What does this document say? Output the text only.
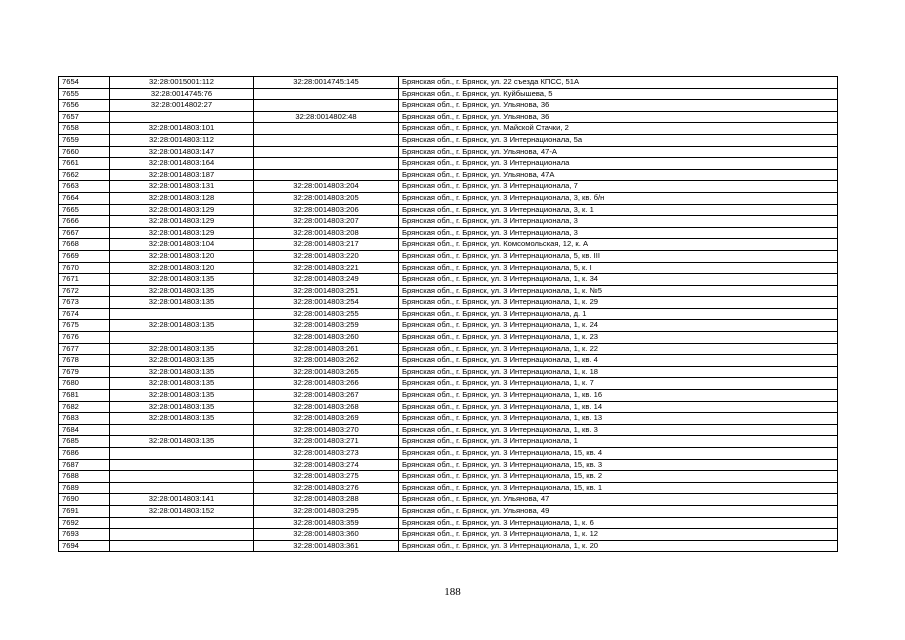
7654	32:28:0015001:112	32:28:0014745:145	Брянская обл., г. Брянск, ул. 22 съезда КПСС, 51А
7655	32:28:0014745:76		Брянская обл., г. Брянск, ул. Куйбышева, 5
7656	32:28:0014802:27		Брянская обл., г. Брянск, ул. Ульянова, 36
7657		32:28:0014802:48	Брянская обл., г. Брянск, ул. Ульянова, 36
7658	32:28:0014803:101		Брянская обл., г. Брянск, ул. Майской Стачки, 2
7659	32:28:0014803:112		Брянская обл., г. Брянск, ул. 3 Интернационала, 5а
7660	32:28:0014803:147		Брянская обл., г. Брянск, ул. Ульянова, 47-А
7661	32:28:0014803:164		Брянская обл., г. Брянск, ул. 3 Интернационала
7662	32:28:0014803:187		Брянская обл., г. Брянск, ул. Ульянова, 47А
7663	32:28:0014803:131	32:28:0014803:204	Брянская обл., г. Брянск, ул. 3 Интернационала, 7
7664	32:28:0014803:128	32:28:0014803:205	Брянская обл., г. Брянск, ул. 3 Интернационала, 3, кв. б/н
7665	32:28:0014803:129	32:28:0014803:206	Брянская обл., г. Брянск, ул. 3 Интернационала, 3, к. 1
7666	32:28:0014803:129	32:28:0014803:207	Брянская обл., г. Брянск, ул. 3 Интернационала, 3
7667	32:28:0014803:129	32:28:0014803:208	Брянская обл., г. Брянск, ул. 3 Интернационала, 3
7668	32:28:0014803:104	32:28:0014803:217	Брянская обл., г. Брянск, ул. Комсомольская, 12, к. А
7669	32:28:0014803:120	32:28:0014803:220	Брянская обл., г. Брянск, ул. 3 Интернационала, 5, кв. III
7670	32:28:0014803:120	32:28:0014803:221	Брянская обл., г. Брянск, ул. 3 Интернационала, 5, к. I
7671	32:28:0014803:135	32:28:0014803:249	Брянская обл., г. Брянск, ул. 3 Интернационала, 1, к. 34
7672	32:28:0014803:135	32:28:0014803:251	Брянская обл., г. Брянск, ул. 3 Интернационала, 1, к. №5
7673	32:28:0014803:135	32:28:0014803:254	Брянская обл., г. Брянск, ул. 3 Интернационала, 1, к. 29
7674		32:28:0014803:255	Брянская обл., г. Брянск, ул. 3 Интернационала, д. 1
7675	32:28:0014803:135	32:28:0014803:259	Брянская обл., г. Брянск, ул. 3 Интернационала, 1, к. 24
7676		32:28:0014803:260	Брянская обл., г. Брянск, ул. 3 Интернационала, 1, к. 23
7677	32:28:0014803:135	32:28:0014803:261	Брянская обл., г. Брянск, ул. 3 Интернационала, 1, к. 22
7678	32:28:0014803:135	32:28:0014803:262	Брянская обл., г. Брянск, ул. 3 Интернационала, 1, кв. 4
7679	32:28:0014803:135	32:28:0014803:265	Брянская обл., г. Брянск, ул. 3 Интернационала, 1, к. 18
7680	32:28:0014803:135	32:28:0014803:266	Брянская обл., г. Брянск, ул. 3 Интернационала, 1, к. 7
7681	32:28:0014803:135	32:28:0014803:267	Брянская обл., г. Брянск, ул. 3 Интернационала, 1, кв. 16
7682	32:28:0014803:135	32:28:0014803:268	Брянская обл., г. Брянск, ул. 3 Интернационала, 1, кв. 14
7683	32:28:0014803:135	32:28:0014803:269	Брянская обл., г. Брянск, ул. 3 Интернационала, 1, кв. 13
7684		32:28:0014803:270	Брянская обл., г. Брянск, ул. 3 Интернационала, 1, кв. 3
7685	32:28:0014803:135	32:28:0014803:271	Брянская обл., г. Брянск, ул. 3 Интернационала, 1
7686		32:28:0014803:273	Брянская обл., г. Брянск, ул. 3 Интернационала, 15, кв. 4
7687		32:28:0014803:274	Брянская обл., г. Брянск, ул. 3 Интернационала, 15, кв. 3
7688		32:28:0014803:275	Брянская обл., г. Брянск, ул. 3 Интернационала, 15, кв. 2
7689		32:28:0014803:276	Брянская обл., г. Брянск, ул. 3 Интернационала, 15, кв. 1
7690	32:28:0014803:141	32:28:0014803:288	Брянская обл., г. Брянск, ул. Ульянова, 47
7691	32:28:0014803:152	32:28:0014803:295	Брянская обл., г. Брянск, ул. Ульянова, 49
7692		32:28:0014803:359	Брянская обл., г. Брянск, ул. 3 Интернационала, 1, к. 6
7693		32:28:0014803:360	Брянская обл., г. Брянск, ул. 3 Интернационала, 1, к. 12
7694		32:28:0014803:361	Брянская обл., г. Брянск, ул. 3 Интернационала, 1, к. 20
188
